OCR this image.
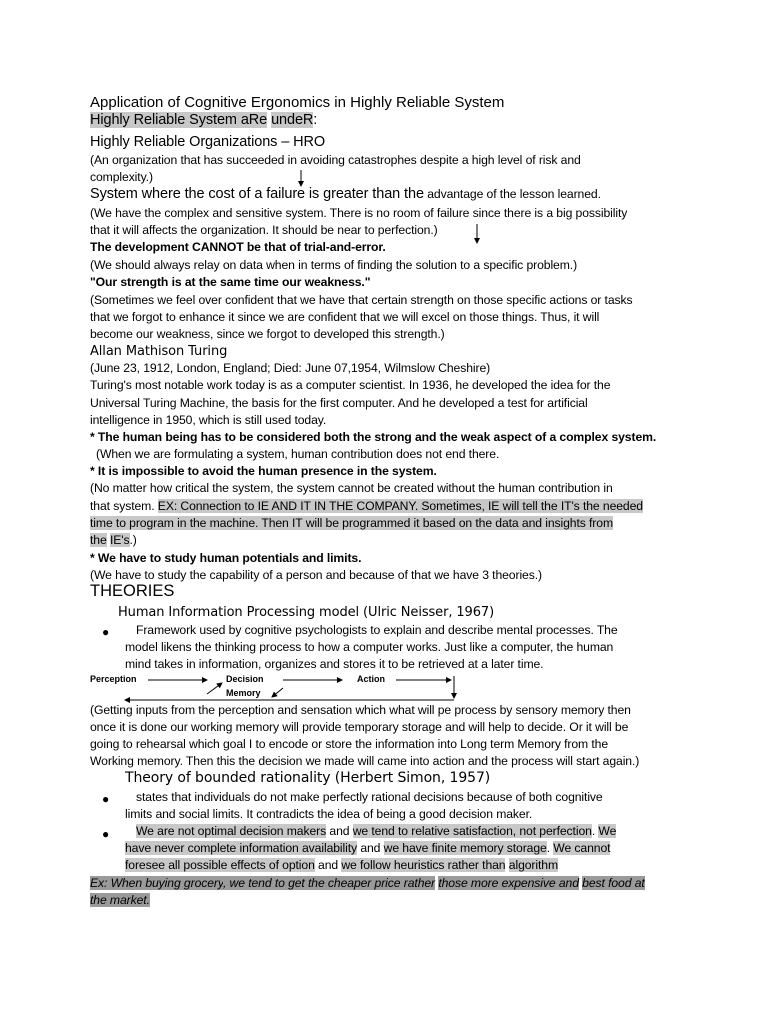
Application of Cognitive Ergonomics in Highly Reliable System
Highly Reliable System aRe undeR:
Highly Reliable Organizations – HRO
(An organization that has succeeded in avoiding catastrophes despite a high level of risk and
complexity.)
System where the cost of a failure is greater than the advantage of the lesson learned.
(We have the complex and sensitive system. There is no room of failure since there is a big possibility
that it will affects the organization. It should be near to perfection.)
The development CANNOT be that of trial-and-error.
(We should always relay on data when in terms of finding the solution to a specific problem.)
"Our strength is at the same time our weakness."
(Sometimes we feel over confident that we have that certain strength on those specific actions or tasks
that we forgot to enhance it since we are confident that we will excel on those things. Thus, it will
become our weakness, since we forgot to developed this strength.)
Allan Mathison Turing
(June 23, 1912, London, England; Died: June 07,1954, Wilmslow Cheshire)
Turing's most notable work today is as a computer scientist. In 1936, he developed the idea for the
Universal Turing Machine, the basis for the first computer. And he developed a test for artificial
intelligence in 1950, which is still used today.
* The human being has to be considered both the strong and the weak aspect of a complex system.
(When we are formulating a system, human contribution does not end there.
* It is impossible to avoid the human presence in the system.
(No matter how critical the system, the system cannot be created without the human contribution in
that system. EX: Connection to IE AND IT IN THE COMPANY. Sometimes, IE will tell the IT's the needed
time to program in the machine. Then IT will be programmed it based on the data and insights from
the IE's.)
* We have to study human potentials and limits.
(We have to study the capability of a person and because of that we have 3 theories.)
THEORIES
Human Information Processing model (Ulric Neisser, 1967)
● Framework used by cognitive psychologists to explain and describe mental processes. The
model likens the thinking process to how a computer works. Just like a computer, the human
mind takes in information, organizes and stores it to be retrieved at a later time.
Perception	Decision
Memory
Action
(Getting inputs from the perception and sensation which what will pe process by sensory memory then
once it is done our working memory will provide temporary storage and will help to decide. Or it will be
going to rehearsal which goal I to encode or store the information into Long term Memory from the
Working memory. Then this the decision we made will came into action and the process will start again.)
Theory of bounded rationality (Herbert Simon, 1957)
● states that individuals do not make perfectly rational decisions because of both cognitive
limits and social limits. It contradicts the idea of being a good decision maker.
● We are not optimal decision makers and we tend to relative satisfaction, not perfection. We
have never complete information availability and we have finite memory storage. We cannot
foresee all possible effects of option and we follow heuristics rather than algorithm
Ex: When buying grocery, we tend to get the cheaper price rather those more expensive and best food at
the market.
